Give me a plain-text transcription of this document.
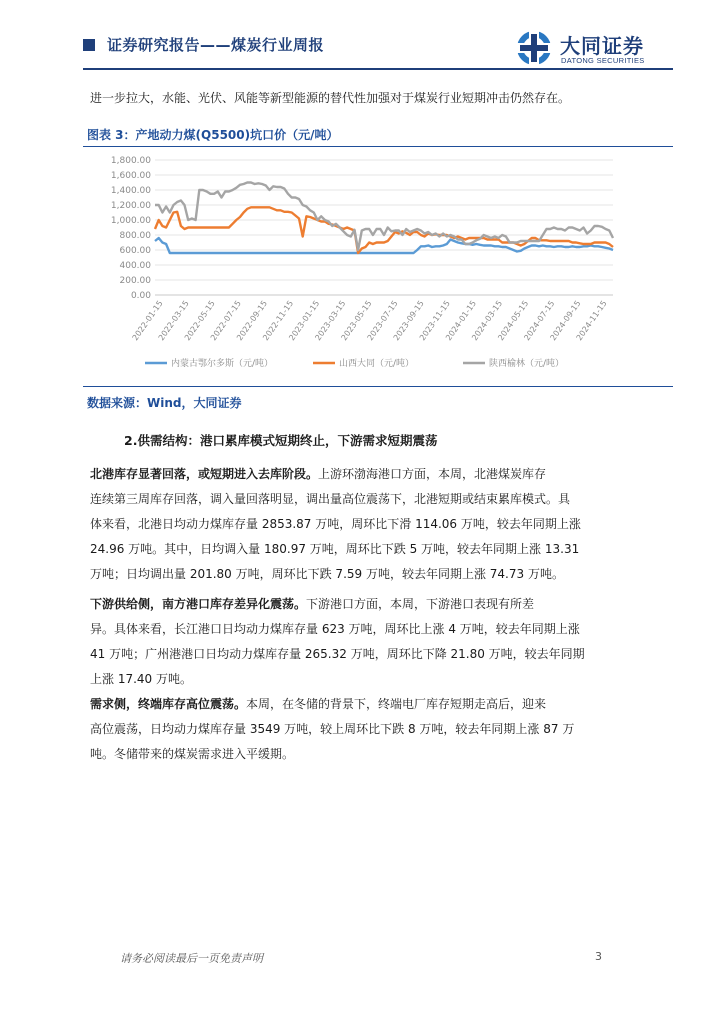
证券研究报告——煤炭行业周报	大同证券
DATONG SECURITIES
进一步拉大，水能、光伏、风能等新型能源的替代性加强对于煤炭行业短期冲击仍然存在。
图表 3：产地动力煤(Q5500)坑口价（元/吨）
0.00
200.00
400.00
600.00
800.00
1,000.00
1,200.00
1,400.00
1,600.00
1,800.00
2022-01-15
2022-03-15
2022-05-15
2022-07-15
2022-09-15
2022-11-15
2023-01-15
2023-03-15
2023-05-15
2023-07-15
2023-09-15
2023-11-15
2024-01-15
2024-03-15
2024-05-15
2024-07-15
2024-09-15
2024-11-15
内蒙古鄂尔多斯（元/吨）	山西大同（元/吨）	陕西榆林（元/吨）
数据来源：Wind，大同证券
2.供需结构：港口累库模式短期终止，下游需求短期震荡
北港库存显著回落，或短期进入去库阶段。上游环渤海港口方面，本周，北港煤炭库存
连续第三周库存回落，调入量回落明显，调出量高位震荡下，北港短期或结束累库模式。具
体来看，北港日均动力煤库存量 2853.87 万吨，周环比下滑 114.06 万吨，较去年同期上涨
24.96 万吨。其中，日均调入量 180.97 万吨，周环比下跌 5 万吨，较去年同期上涨 13.31
万吨；日均调出量 201.80 万吨，周环比下跌 7.59 万吨，较去年同期上涨 74.73 万吨。
下游供给侧，南方港口库存差异化震荡。下游港口方面，本周，下游港口表现有所差
异。具体来看，长江港口日均动力煤库存量 623 万吨，周环比上涨 4 万吨，较去年同期上涨
41 万吨；广州港港口日均动力煤库存量 265.32 万吨，周环比下降 21.80 万吨，较去年同期
上涨 17.40 万吨。
需求侧，终端库存高位震荡。本周，在冬储的背景下，终端电厂库存短期走高后，迎来
高位震荡，日均动力煤库存量 3549 万吨，较上周环比下跌 8 万吨，较去年同期上涨 87 万
吨。冬储带来的煤炭需求进入平缓期。
请务必阅读最后一页免责声明	3
